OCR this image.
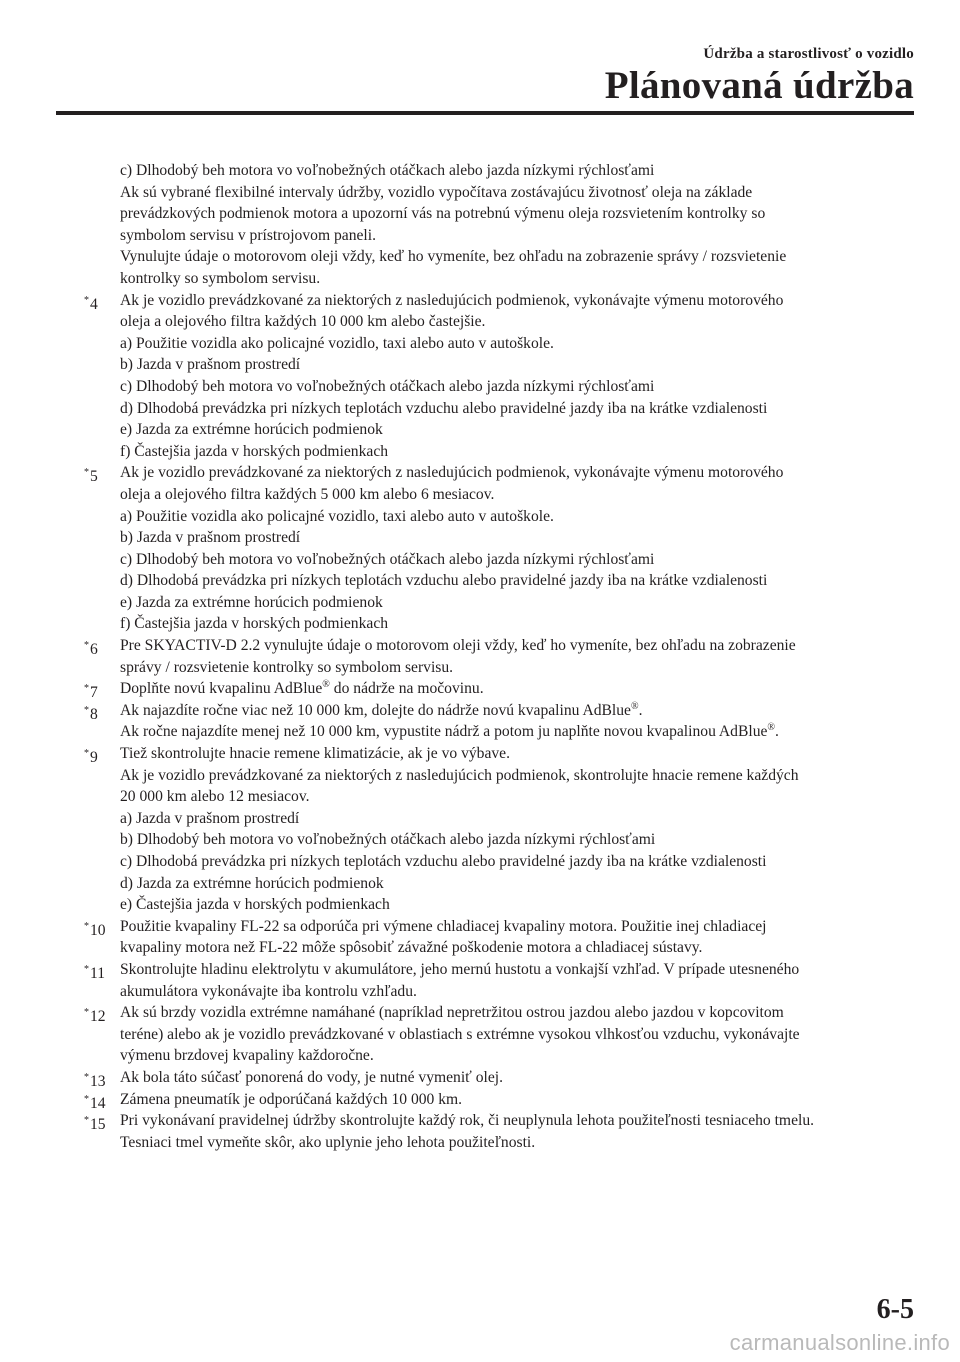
Údržba a starostlivosť o vozidlo
Plánovaná údržba
c) Dlhodobý beh motora vo voľnobežných otáčkach alebo jazda nízkymi rýchlosťami
Ak sú vybrané flexibilné intervaly údržby, vozidlo vypočítava zostávajúcu životnosť oleja na základe
prevádzkových podmienok motora a upozorní vás na potrebnú výmenu oleja rozsvietením kontrolky so
symbolom servisu v prístrojovom paneli.
Vynulujte údaje o motorovom oleji vždy, keď ho vymeníte, bez ohľadu na zobrazenie správy / rozsvietenie
kontrolky so symbolom servisu.
*4	Ak je vozidlo prevádzkované za niektorých z nasledujúcich podmienok, vykonávajte výmenu motorového
oleja a olejového filtra každých 10 000 km alebo častejšie.
a) Použitie vozidla ako policajné vozidlo, taxi alebo auto v autoškole.
b) Jazda v prašnom prostredí
c) Dlhodobý beh motora vo voľnobežných otáčkach alebo jazda nízkymi rýchlosťami
d) Dlhodobá prevádzka pri nízkych teplotách vzduchu alebo pravidelné jazdy iba na krátke vzdialenosti
e) Jazda za extrémne horúcich podmienok
f) Častejšia jazda v horských podmienkach
*5	Ak je vozidlo prevádzkované za niektorých z nasledujúcich podmienok, vykonávajte výmenu motorového
oleja a olejového filtra každých 5 000 km alebo 6 mesiacov.
a) Použitie vozidla ako policajné vozidlo, taxi alebo auto v autoškole.
b) Jazda v prašnom prostredí
c) Dlhodobý beh motora vo voľnobežných otáčkach alebo jazda nízkymi rýchlosťami
d) Dlhodobá prevádzka pri nízkych teplotách vzduchu alebo pravidelné jazdy iba na krátke vzdialenosti
e) Jazda za extrémne horúcich podmienok
f) Častejšia jazda v horských podmienkach
*6	Pre SKYACTIV-D 2.2 vynulujte údaje o motorovom oleji vždy, keď ho vymeníte, bez ohľadu na zobrazenie
správy / rozsvietenie kontrolky so symbolom servisu.
*7	Doplňte novú kvapalinu AdBlue® do nádrže na močovinu.
*8	Ak najazdíte ročne viac než 10 000 km, dolejte do nádrže novú kvapalinu AdBlue®.
Ak ročne najazdíte menej než 10 000 km, vypustite nádrž a potom ju naplňte novou kvapalinou AdBlue®.
*9	Tiež skontrolujte hnacie remene klimatizácie, ak je vo výbave.
Ak je vozidlo prevádzkované za niektorých z nasledujúcich podmienok, skontrolujte hnacie remene každých
20 000 km alebo 12 mesiacov.
a) Jazda v prašnom prostredí
b) Dlhodobý beh motora vo voľnobežných otáčkach alebo jazda nízkymi rýchlosťami
c) Dlhodobá prevádzka pri nízkych teplotách vzduchu alebo pravidelné jazdy iba na krátke vzdialenosti
d) Jazda za extrémne horúcich podmienok
e) Častejšia jazda v horských podmienkach
*10 Použitie kvapaliny FL-22 sa odporúča pri výmene chladiacej kvapaliny motora. Použitie inej chladiacej
kvapaliny motora než FL-22 môže spôsobiť závažné poškodenie motora a chladiacej sústavy.
*11 Skontrolujte hladinu elektrolytu v akumulátore, jeho mernú hustotu a vonkajší vzhľad. V prípade utesneného
akumulátora vykonávajte iba kontrolu vzhľadu.
*12 Ak sú brzdy vozidla extrémne namáhané (napríklad nepretržitou ostrou jazdou alebo jazdou v kopcovitom
teréne) alebo ak je vozidlo prevádzkované v oblastiach s extrémne vysokou vlhkosťou vzduchu, vykonávajte
výmenu brzdovej kvapaliny každoročne.
*13 Ak bola táto súčasť ponorená do vody, je nutné vymeniť olej.
*14 Zámena pneumatík je odporúčaná každých 10 000 km.
*15 Pri vykonávaní pravidelnej údržby skontrolujte každý rok, či neuplynula lehota použiteľnosti tesniaceho tmelu.
Tesniaci tmel vymeňte skôr, ako uplynie jeho lehota použiteľnosti.
6-5
carmanualsonline.info
